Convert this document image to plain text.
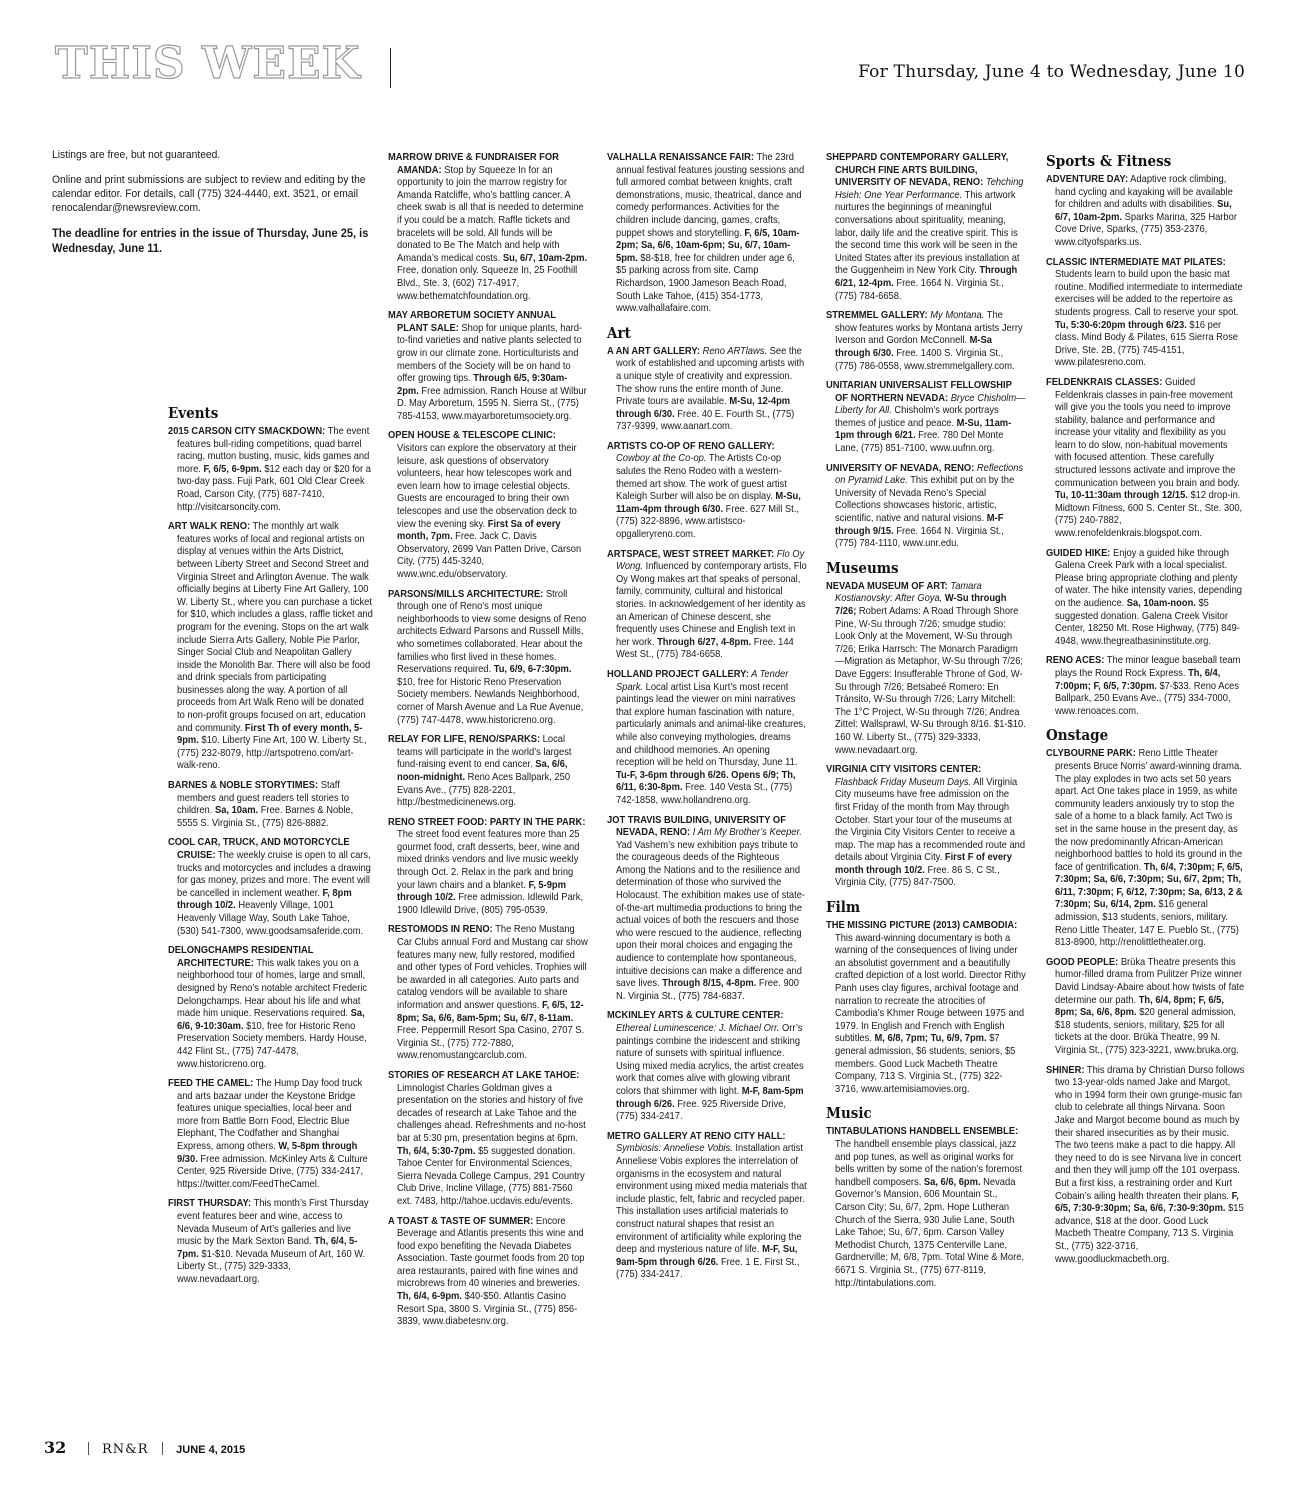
THIS WEEK	For Thursday, June 4 to Wednesday, June 10

Listings are free, but not guaranteed.

Online and print submissions are subject to review and editing by the calendar editor. For details, call (775) 324-4440, ext. 3521, or email renocalendar@newsreview.com.

The deadline for entries in the issue of Thursday, June 25, is Wednesday, June 11.

Events
2015 CARSON CITY SMACKDOWN: The event features bull-riding competitions, quad barrel racing, mutton busting, music, kids games and more. F, 6/5, 6-9pm. $12 each day or $20 for a two-day pass. Fuji Park, 601 Old Clear Creek Road, Carson City, (775) 687-7410, http://visitcarsoncity.com.
ART WALK RENO: The monthly art walk features works of local and regional artists on display at venues within the Arts District, between Liberty Street and Second Street and Virginia Street and Arlington Avenue. The walk officially begins at Liberty Fine Art Gallery, 100 W. Liberty St., where you can purchase a ticket for $10, which includes a glass, raffle ticket and program for the evening. Stops on the art walk include Sierra Arts Gallery, Noble Pie Parlor, Singer Social Club and Neapolitan Gallery inside the Monolith Bar. There will also be food and drink specials from participating businesses along the way. A portion of all proceeds from Art Walk Reno will be donated to non-profit groups focused on art, education and community. First Th of every month, 5-9pm. $10. Liberty Fine Art, 100 W. Liberty St., (775) 232-8079, http://artspotreno.com/art-walk-reno.
BARNES & NOBLE STORYTIMES: Staff members and guest readers tell stories to children. Sa, 10am. Free. Barnes & Noble, 5555 S. Virginia St., (775) 826-8882.
COOL CAR, TRUCK, AND MOTORCYCLE CRUISE: The weekly cruise is open to all cars, trucks and motorcycles and includes a drawing for gas money, prizes and more. The event will be cancelled in inclement weather. F, 8pm through 10/2. Heavenly Village, 1001 Heavenly Village Way, South Lake Tahoe, (530) 541-7300, www.goodsamsaferide.com.
DELONGCHAMPS RESIDENTIAL ARCHITECTURE: This walk takes you on a neighborhood tour of homes, large and small, designed by Reno’s notable architect Frederic Delongchamps. Hear about his life and what made him unique. Reservations required. Sa, 6/6, 9-10:30am. $10, free for Historic Reno Preservation Society members. Hardy House, 442 Flint St., (775) 747-4478, www.historicreno.org.
FEED THE CAMEL: The Hump Day food truck and arts bazaar under the Keystone Bridge features unique specialties, local beer and more from Battle Born Food, Electric Blue Elephant, The Codfather and Shanghai Express, among others. W, 5-8pm through 9/30. Free admission. McKinley Arts & Culture Center, 925 Riverside Drive, (775) 334-2417, https://twitter.com/FeedTheCamel.
FIRST THURSDAY: This month’s First Thursday event features beer and wine, access to Nevada Museum of Art’s galleries and live music by the Mark Sexton Band. Th, 6/4, 5-7pm. $1-$10. Nevada Museum of Art, 160 W. Liberty St., (775) 329-3333, www.nevadaart.org.
MARROW DRIVE & FUNDRAISER FOR AMANDA: Stop by Squeeze In for an opportunity to join the marrow registry for Amanda Ratcliffe, who’s battling cancer. A cheek swab is all that is needed to determine if you could be a match. Raffle tickets and bracelets will be sold. All funds will be donated to Be The Match and help with Amanda’s medical costs. Su, 6/7, 10am-2pm. Free, donation only. Squeeze In, 25 Foothill Blvd., Ste. 3, (602) 717-4917, www.bethematchfoundation.org.
MAY ARBORETUM SOCIETY ANNUAL PLANT SALE: Shop for unique plants, hard-to-find varieties and native plants selected to grow in our climate zone. Horticulturists and members of the Society will be on hand to offer growing tips. Through 6/5, 9:30am-2pm. Free admission. Ranch House at Wilbur D. May Arboretum, 1595 N. Sierra St., (775) 785-4153, www.mayarboretumsociety.org.
OPEN HOUSE & TELESCOPE CLINIC: Visitors can explore the observatory at their leisure, ask questions of observatory volunteers, hear how telescopes work and even learn how to image celestial objects. Guests are encouraged to bring their own telescopes and use the observation deck to view the evening sky. First Sa of every month, 7pm. Free. Jack C. Davis Observatory, 2699 Van Patten Drive, Carson City, (775) 445-3240, www.wnc.edu/observatory.
PARSONS/MILLS ARCHITECTURE: Stroll through one of Reno’s most unique neighborhoods to view some designs of Reno architects Edward Parsons and Russell Mills, who sometimes collaborated. Hear about the families who first lived in these homes. Reservations required. Tu, 6/9, 6-7:30pm. $10, free for Historic Reno Preservation Society members. Newlands Neighborhood, corner of Marsh Avenue and La Rue Avenue, (775) 747-4478, www.historicreno.org.
RELAY FOR LIFE, RENO/SPARKS: Local teams will participate in the world’s largest fund-raising event to end cancer. Sa, 6/6, noon-midnight. Reno Aces Ballpark, 250 Evans Ave., (775) 828-2201, http://bestmedicinenews.org.
RENO STREET FOOD: PARTY IN THE PARK: The street food event features more than 25 gourmet food, craft desserts, beer, wine and mixed drinks vendors and live music weekly through Oct. 2. Relax in the park and bring your lawn chairs and a blanket. F, 5-9pm through 10/2. Free admission. Idlewild Park, 1900 Idlewild Drive, (805) 795-0539.
RESTOMODS IN RENO: The Reno Mustang Car Clubs annual Ford and Mustang car show features many new, fully restored, modified and other types of Ford vehicles. Trophies will be awarded in all categories. Auto parts and catalog vendors will be available to share information and answer questions. F, 6/5, 12-8pm; Sa, 6/6, 8am-5pm; Su, 6/7, 8-11am. Free. Peppermill Resort Spa Casino, 2707 S. Virginia St., (775) 772-7880, www.renomustangcarclub.com.
STORIES OF RESEARCH AT LAKE TAHOE: Limnologist Charles Goldman gives a presentation on the stories and history of five decades of research at Lake Tahoe and the challenges ahead. Refreshments and no-host bar at 5:30 pm, presentation begins at 6pm. Th, 6/4, 5:30-7pm. $5 suggested donation. Tahoe Center for Environmental Sciences, Sierra Nevada College Campus, 291 Country Club Drive, Incline Village, (775) 881-7560 ext. 7483, http://tahoe.ucdavis.edu/events.
A TOAST & TASTE OF SUMMER: Encore Beverage and Atlantis presents this wine and food expo benefiting the Nevada Diabetes Association. Taste gourmet foods from 20 top area restaurants, paired with fine wines and microbrews from 40 wineries and breweries. Th, 6/4, 6-9pm. $40-$50. Atlantis Casino Resort Spa, 3800 S. Virginia St., (775) 856-3839, www.diabetesnv.org.
VALHALLA RENAISSANCE FAIR: The 23rd annual festival features jousting sessions and full armored combat between knights, craft demonstrations, music, theatrical, dance and comedy performances. Activities for the children include dancing, games, crafts, puppet shows and storytelling. F, 6/5, 10am-2pm; Sa, 6/6, 10am-6pm; Su, 6/7, 10am-5pm. $8-$18, free for children under age 6, $5 parking across from site. Camp Richardson, 1900 Jameson Beach Road, South Lake Tahoe, (415) 354-1773, www.valhallafaire.com.
Art
A AN ART GALLERY: Reno ARTlaws. See the work of established and upcoming artists with a unique style of creativity and expression. The show runs the entire month of June. Private tours are available. M-Su, 12-4pm through 6/30. Free. 40 E. Fourth St., (775) 737-9399, www.aanart.com.
ARTISTS CO-OP OF RENO GALLERY: Cowboy at the Co-op. The Artists Co-op salutes the Reno Rodeo with a western-themed art show. The work of guest artist Kaleigh Surber will also be on display. M-Su, 11am-4pm through 6/30. Free. 627 Mill St., (775) 322-8896, www.artistsco-opgalleryreno.com.
ARTSPACE, WEST STREET MARKET: Flo Oy Wong. Influenced by contemporary artists, Flo Oy Wong makes art that speaks of personal, family, community, cultural and historical stories. In acknowledgement of her identity as an American of Chinese descent, she frequently uses Chinese and English text in her work. Through 6/27, 4-8pm. Free. 144 West St., (775) 784-6658.
HOLLAND PROJECT GALLERY: A Tender Spark. Local artist Lisa Kurt’s most recent paintings lead the viewer on mini narratives that explore human fascination with nature, particularly animals and animal-like creatures, while also conveying mythologies, dreams and childhood memories. An opening reception will be held on Thursday, June 11. Tu-F, 3-6pm through 6/26. Opens 6/9; Th, 6/11, 6:30-8pm. Free. 140 Vesta St., (775) 742-1858, www.hollandreno.org.
JOT TRAVIS BUILDING, UNIVERSITY OF NEVADA, RENO: I Am My Brother’s Keeper. Yad Vashem’s new exhibition pays tribute to the courageous deeds of the Righteous Among the Nations and to the resilience and determination of those who survived the Holocaust. The exhibition makes use of state-of-the-art multimedia productions to bring the actual voices of both the rescuers and those who were rescued to the audience, reflecting upon their moral choices and engaging the audience to contemplate how spontaneous, intuitive decisions can make a difference and save lives. Through 8/15, 4-8pm. Free. 900 N. Virginia St., (775) 784-6837.
MCKINLEY ARTS & CULTURE CENTER: Ethereal Luminescence: J. Michael Orr. Orr’s paintings combine the iridescent and striking nature of sunsets with spiritual influence. Using mixed media acrylics, the artist creates work that comes alive with glowing vibrant colors that shimmer with light. M-F, 8am-5pm through 6/26. Free. 925 Riverside Drive, (775) 334-2417.
METRO GALLERY AT RENO CITY HALL: Symbiosis: Anneliese Vobis. Installation artist Anneliese Vobis explores the interrelation of organisms in the ecosystem and natural environment using mixed media materials that include plastic, felt, fabric and recycled paper. This installation uses artificial materials to construct natural shapes that resist an environment of artificiality while exploring the deep and mysterious nature of life. M-F, Su, 9am-5pm through 6/26. Free. 1 E. First St., (775) 334-2417.
SHEPPARD CONTEMPORARY GALLERY, CHURCH FINE ARTS BUILDING, UNIVERSITY OF NEVADA, RENO: Tehching Hsieh: One Year Performance. This artwork nurtures the beginnings of meaningful conversations about spirituality, meaning, labor, daily life and the creative spirit. This is the second time this work will be seen in the United States after its previous installation at the Guggenheim in New York City. Through 6/21, 12-4pm. Free. 1664 N. Virginia St., (775) 784-6658.
STREMMEL GALLERY: My Montana. The show features works by Montana artists Jerry Iverson and Gordon McConnell. M-Sa through 6/30. Free. 1400 S. Virginia St., (775) 786-0558, www.stremmelgallery.com.
UNITARIAN UNIVERSALIST FELLOWSHIP OF NORTHERN NEVADA: Bryce Chisholm—Liberty for All. Chisholm’s work portrays themes of justice and peace. M-Su, 11am-1pm through 6/21. Free. 780 Del Monte Lane, (775) 851-7100, www.uufnn.org.
UNIVERSITY OF NEVADA, RENO: Reflections on Pyramid Lake. This exhibit put on by the University of Nevada Reno’s Special Collections showcases historic, artistic, scientific, native and natural visions. M-F through 9/15. Free. 1664 N. Virginia St., (775) 784-1110, www.unr.edu.
Museums
NEVADA MUSEUM OF ART: Tamara Kostianovsky: After Goya, W-Su through 7/26; Robert Adams: A Road Through Shore Pine, W-Su through 7/26; smudge studio: Look Only at the Movement, W-Su through 7/26; Erika Harrsch: The Monarch Paradigm—Migration as Metaphor, W-Su through 7/26; Dave Eggers: Insufferable Throne of God, W-Su through 7/26; Betsabeé Romero: En Tránsito, W-Su through 7/26; Larry Mitchell: The 1°C Project, W-Su through 7/26; Andrea Zittel: Wallsprawl, W-Su through 8/16. $1-$10. 160 W. Liberty St., (775) 329-3333, www.nevadaart.org.
VIRGINIA CITY VISITORS CENTER: Flashback Friday Museum Days. All Virginia City museums have free admission on the first Friday of the month from May through October. Start your tour of the museums at the Virginia City Visitors Center to receive a map. The map has a recommended route and details about Virginia City. First F of every month through 10/2. Free. 86 S. C St., Virginia City, (775) 847-7500.
Film
THE MISSING PICTURE (2013) CAMBODIA: This award-winning documentary is both a warning of the consequences of living under an absolutist government and a beautifully crafted depiction of a lost world. Director Rithy Panh uses clay figures, archival footage and narration to recreate the atrocities of Cambodia’s Khmer Rouge between 1975 and 1979. In English and French with English subtitles. M, 6/8, 7pm; Tu, 6/9, 7pm. $7 general admission, $6 students, seniors, $5 members. Good Luck Macbeth Theatre Company, 713 S. Virginia St., (775) 322-3716, www.artemisiamovies.org.
Music
TINTABULATIONS HANDBELL ENSEMBLE: The handbell ensemble plays classical, jazz and pop tunes, as well as original works for bells written by some of the nation’s foremost handbell composers. Sa, 6/6, 6pm. Nevada Governor’s Mansion, 606 Mountain St., Carson City; Su, 6/7, 2pm. Hope Lutheran Church of the Sierra, 930 Julie Lane, South Lake Tahoe; Su, 6/7, 6pm. Carson Valley Methodist Church, 1375 Centerville Lane, Gardnerville; M, 6/8, 7pm. Total Wine & More, 6671 S. Virginia St., (775) 677-8119, http://tintabulations.com.
Sports & Fitness
ADVENTURE DAY: Adaptive rock climbing, hand cycling and kayaking will be available for children and adults with disabilities. Su, 6/7, 10am-2pm. Sparks Marina, 325 Harbor Cove Drive, Sparks, (775) 353-2376, www.cityofsparks.us.
CLASSIC INTERMEDIATE MAT PILATES: Students learn to build upon the basic mat routine. Modified intermediate to intermediate exercises will be added to the repertoire as students progress. Call to reserve your spot. Tu, 5:30-6:20pm through 6/23. $16 per class. Mind Body & Pilates, 615 Sierra Rose Drive, Ste. 2B, (775) 745-4151, www.pilatesreno.com.
FELDENKRAIS CLASSES: Guided Feldenkrais classes in pain-free movement will give you the tools you need to improve stability, balance and performance and increase your vitality and flexibility as you learn to do slow, non-habitual movements with focused attention. These carefully structured lessons activate and improve the communication between you brain and body. Tu, 10-11:30am through 12/15. $12 drop-in. Midtown Fitness, 600 S. Center St., Ste. 300, (775) 240-7882, www.renofeldenkrais.blogspot.com.
GUIDED HIKE: Enjoy a guided hike through Galena Creek Park with a local specialist. Please bring appropriate clothing and plenty of water. The hike intensity varies, depending on the audience. Sa, 10am-noon. $5 suggested donation. Galena Creek Visitor Center, 18250 Mt. Rose Highway, (775) 849-4948, www.thegreatbasininstitute.org.
RENO ACES: The minor league baseball team plays the Round Rock Express. Th, 6/4, 7:00pm; F, 6/5, 7:30pm. $7-$33. Reno Aces Ballpark, 250 Evans Ave., (775) 334-7000, www.renoaces.com.
Onstage
CLYBOURNE PARK: Reno Little Theater presents Bruce Norris’ award-winning drama. The play explodes in two acts set 50 years apart. Act One takes place in 1959, as white community leaders anxiously try to stop the sale of a home to a black family. Act Two is set in the same house in the present day, as the now predominantly African-American neighborhood battles to hold its ground in the face of gentrification. Th, 6/4, 7:30pm; F, 6/5, 7:30pm; Sa, 6/6, 7:30pm; Su, 6/7, 2pm; Th, 6/11, 7:30pm; F, 6/12, 7:30pm; Sa, 6/13, 2 & 7:30pm; Su, 6/14, 2pm. $16 general admission, $13 students, seniors, military. Reno Little Theater, 147 E. Pueblo St., (775) 813-8900, http://renolittletheater.org.
GOOD PEOPLE: Brüka Theatre presents this humor-filled drama from Pulitzer Prize winner David Lindsay-Abaire about how twists of fate determine our path. Th, 6/4, 8pm; F, 6/5, 8pm; Sa, 6/6, 8pm. $20 general admission, $18 students, seniors, military, $25 for all tickets at the door. Brüka Theatre, 99 N. Virginia St., (775) 323-3221, www.bruka.org.
SHINER: This drama by Christian Durso follows two 13-year-olds named Jake and Margot, who in 1994 form their own grunge-music fan club to celebrate all things Nirvana. Soon Jake and Margot become bound as much by their shared insecurities as by their music. The two teens make a pact to die happy. All they need to do is see Nirvana live in concert and then they will jump off the 101 overpass. But a first kiss, a restraining order and Kurt Cobain’s ailing health threaten their plans. F, 6/5, 7:30-9:30pm; Sa, 6/6, 7:30-9:30pm. $15 advance, $18 at the door. Good Luck Macbeth Theatre Company, 713 S. Virginia St., (775) 322-3716, www.goodluckmacbeth.org.
32	RN&R	JUNE 4, 2015
